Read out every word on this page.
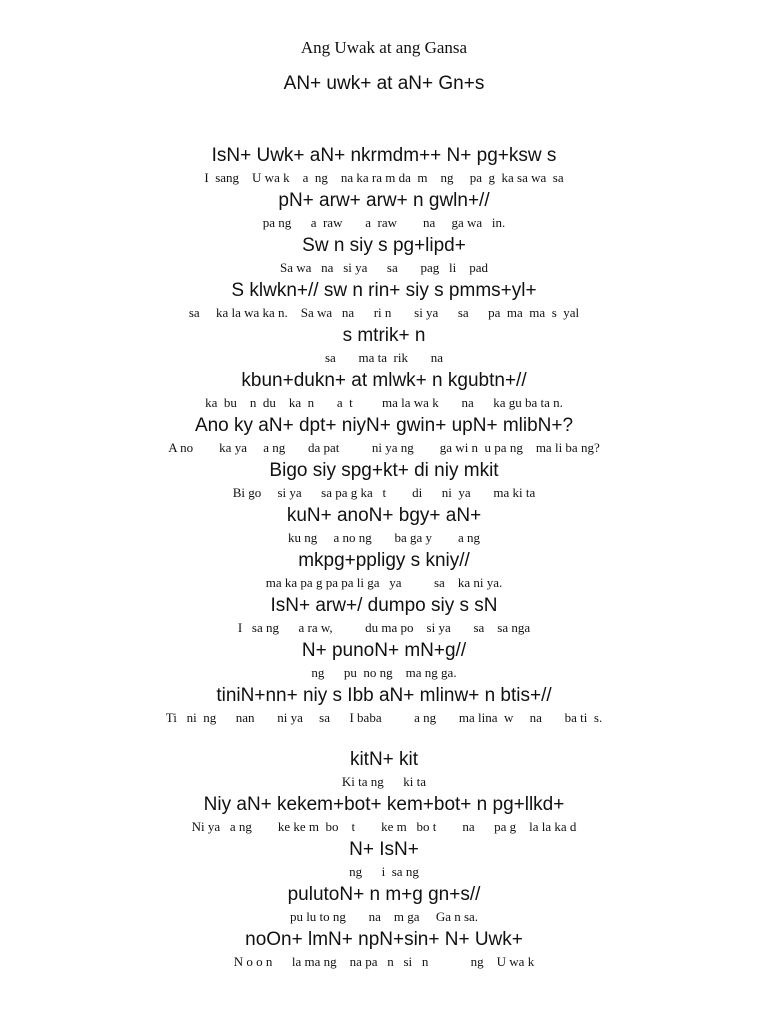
Ang Uwak at ang Gansa
AN+ uwk+ at aN+ Gn+s
IsN+ Uwk+ aN+ nkrmdm++ N+ pg+ksw s
I  sang    U wa k    a  ng    na ka ra m da  m    ng     pa  g  ka sa wa  sa
pN+ arw+ arw+ n gwln+//
pa ng      a  raw       a  raw        na     ga wa   in.
Sw n siy s pg+lipd+
Sa wa   na   si ya      sa       pag   li    pad
S klwkn+// sw n rin+ siy s pmms+yl+
sa     ka la wa ka n.    Sa wa   na      ri n       si ya      sa      pa  ma  ma  s  yal
s mtrik+ n
sa       ma ta  rik       na
kbun+dukn+ at mlwk+ n kgubtn+//
ka  bu    n  du    ka  n       a  t         ma la wa k       na      ka gu ba ta n.
Ano ky aN+ dpt+ niyN+ gwin+ upN+ mlibN+?
A no        ka ya     a ng       da pat          ni ya ng        ga wi n  u pa ng    ma li ba ng?
Bigo siy spg+kt+ di niy mkit
Bi go     si ya      sa pa g ka   t        di      ni  ya       ma ki ta
kuN+ anoN+ bgy+ aN+
ku ng     a no ng       ba ga y        a ng
mkpg+ppligy s kniy//
ma ka pa g pa pa li ga   ya          sa    ka ni ya.
IsN+ arw+/ dumpo siy s sN
I   sa ng      a ra w,          du ma po    si ya       sa    sa nga
N+ punoN+ mN+g//
ng      pu  no ng    ma ng ga.
tiniN+nn+ niy s Ibb aN+ mlinw+ n btis+//
Ti   ni  ng      nan       ni ya     sa      I baba          a ng       ma lina  w     na       ba ti  s.
kitN+ kit
Ki ta ng      ki ta
Niy aN+ kekem+bot+ kem+bot+ n pg+llkd+
Ni ya   a ng        ke ke m  bo    t        ke m   bo t        na      pa g    la la ka d
N+ IsN+
ng      i  sa ng
pulutoN+ n m+g gn+s//
pu lu to ng       na    m ga     Ga n sa.
noOn+ lmN+ npN+sin+ N+ Uwk+
N o o n      la ma ng    na pa   n   si   n             ng    U wa k
